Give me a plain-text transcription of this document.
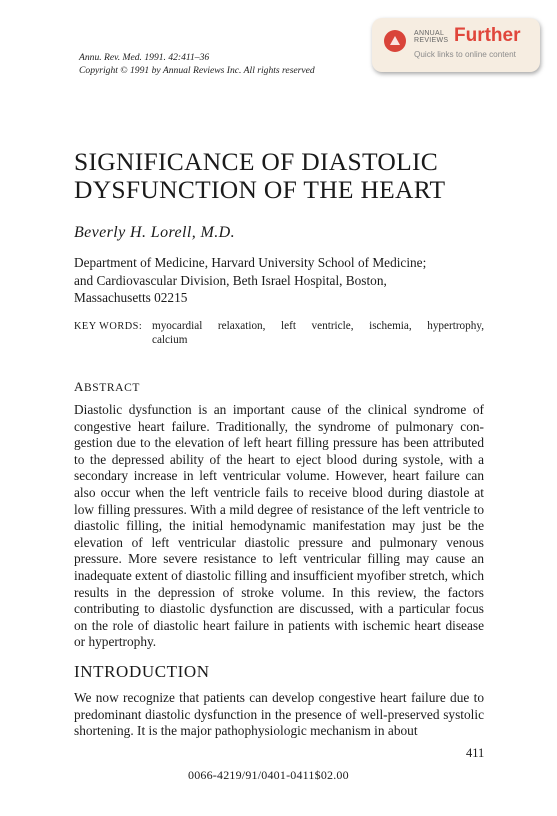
Annu. Rev. Med. 1991. 42:411–36
Copyright © 1991 by Annual Reviews Inc. All rights reserved
ANNUAL
REVIEWS Further
Quick links to online content
SIGNIFICANCE OF DIASTOLIC
DYSFUNCTION OF THE HEART
Beverly H. Lorell, M.D.
Department of Medicine, Harvard University School of Medicine;
and Cardiovascular Division, Beth Israel Hospital, Boston,
Massachusetts 02215
KEY WORDS: myocardial relaxation, left ventricle, ischemia, hypertrophy,
calcium
ABSTRACT
Diastolic dysfunction is an important cause of the clinical syndrome of congestive heart failure. Traditionally, the syndrome of pulmonary con- gestion due to the elevation of left heart filling pressure has been attributed to the depressed ability of the heart to eject blood during systole, with a secondary increase in left ventricular volume. However, heart failure can also occur when the left ventricle fails to receive blood during diastole at low filling pressures. With a mild degree of resistance of the left ventricle to diastolic filling, the initial hemodynamic manifestation may just be the elevation of left ventricular diastolic pressure and pulmonary venous pressure. More severe resistance to left ventricular filling may cause an inadequate extent of diastolic filling and insufficient myofiber stretch, which results in the depression of stroke volume. In this review, the factors contributing to diastolic dysfunction are discussed, with a particular focus on the role of diastolic heart failure in patients with ischemic heart disease or hypertrophy.
INTRODUCTION
We now recognize that patients can develop congestive heart failure due to predominant diastolic dysfunction in the presence of well-preserved systolic shortening. It is the major pathophysiologic mechanism in about
411
0066-4219/91/0401-0411$02.00
